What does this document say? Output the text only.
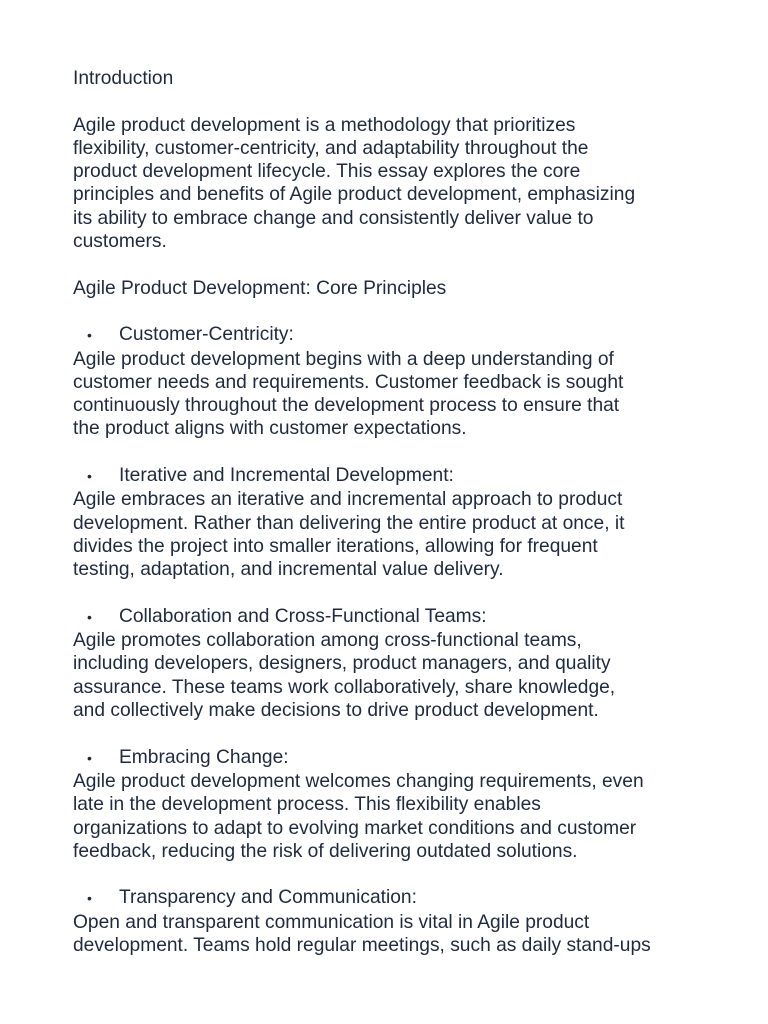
Introduction
Agile product development is a methodology that prioritizes
flexibility, customer-centricity, and adaptability throughout the
product development lifecycle. This essay explores the core
principles and benefits of Agile product development, emphasizing
its ability to embrace change and consistently deliver value to
customers.
Agile Product Development: Core Principles
•	Customer-Centricity:
Agile product development begins with a deep understanding of
customer needs and requirements. Customer feedback is sought
continuously throughout the development process to ensure that
the product aligns with customer expectations.
•	Iterative and Incremental Development:
Agile embraces an iterative and incremental approach to product
development. Rather than delivering the entire product at once, it
divides the project into smaller iterations, allowing for frequent
testing, adaptation, and incremental value delivery.
•	Collaboration and Cross-Functional Teams:
Agile promotes collaboration among cross-functional teams,
including developers, designers, product managers, and quality
assurance. These teams work collaboratively, share knowledge,
and collectively make decisions to drive product development.
•	Embracing Change:
Agile product development welcomes changing requirements, even
late in the development process. This flexibility enables
organizations to adapt to evolving market conditions and customer
feedback, reducing the risk of delivering outdated solutions.
•	Transparency and Communication:
Open and transparent communication is vital in Agile product
development. Teams hold regular meetings, such as daily stand-ups
